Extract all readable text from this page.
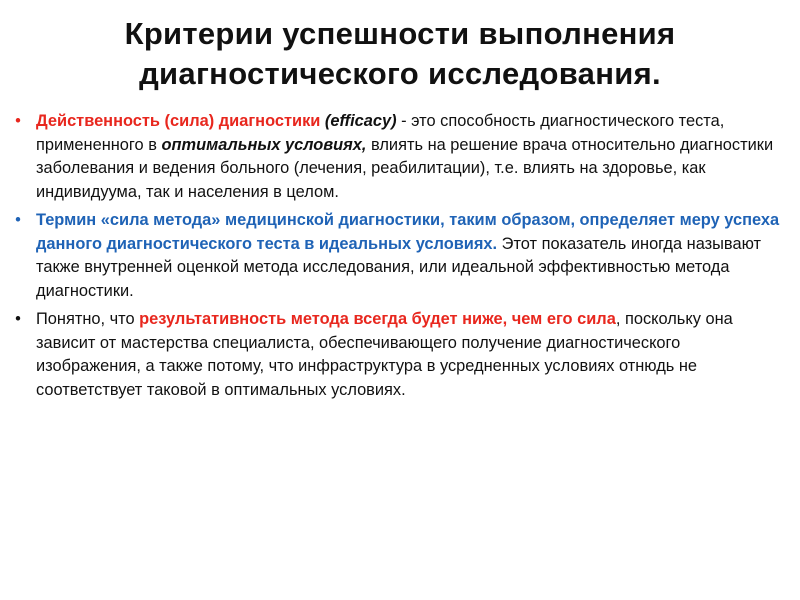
Критерии успешности выполнения
диагностического исследования.
• Действенность (сила) диагностики (efficacy) - это способность диагностического теста, примененного в оптимальных условиях, влиять на решение врача относительно диагностики заболевания и ведения больного (лечения, реабилитации), т.е. влиять на здоровье, как индивидуума, так и населения в целом.
• Термин «сила метода» медицинской диагностики, таким образом, определяет меру успеха данного диагностического теста в идеальных условиях. Этот показатель иногда называют также внутренней оценкой метода исследования, или идеальной эффективностью метода диагностики.
• Понятно, что результативность метода всегда будет ниже, чем его сила, поскольку она зависит от мастерства специалиста, обеспечивающего получение диагностического изображения, а также потому, что инфраструктура в усредненных условиях отнюдь не соответствует таковой в оптимальных условиях.
